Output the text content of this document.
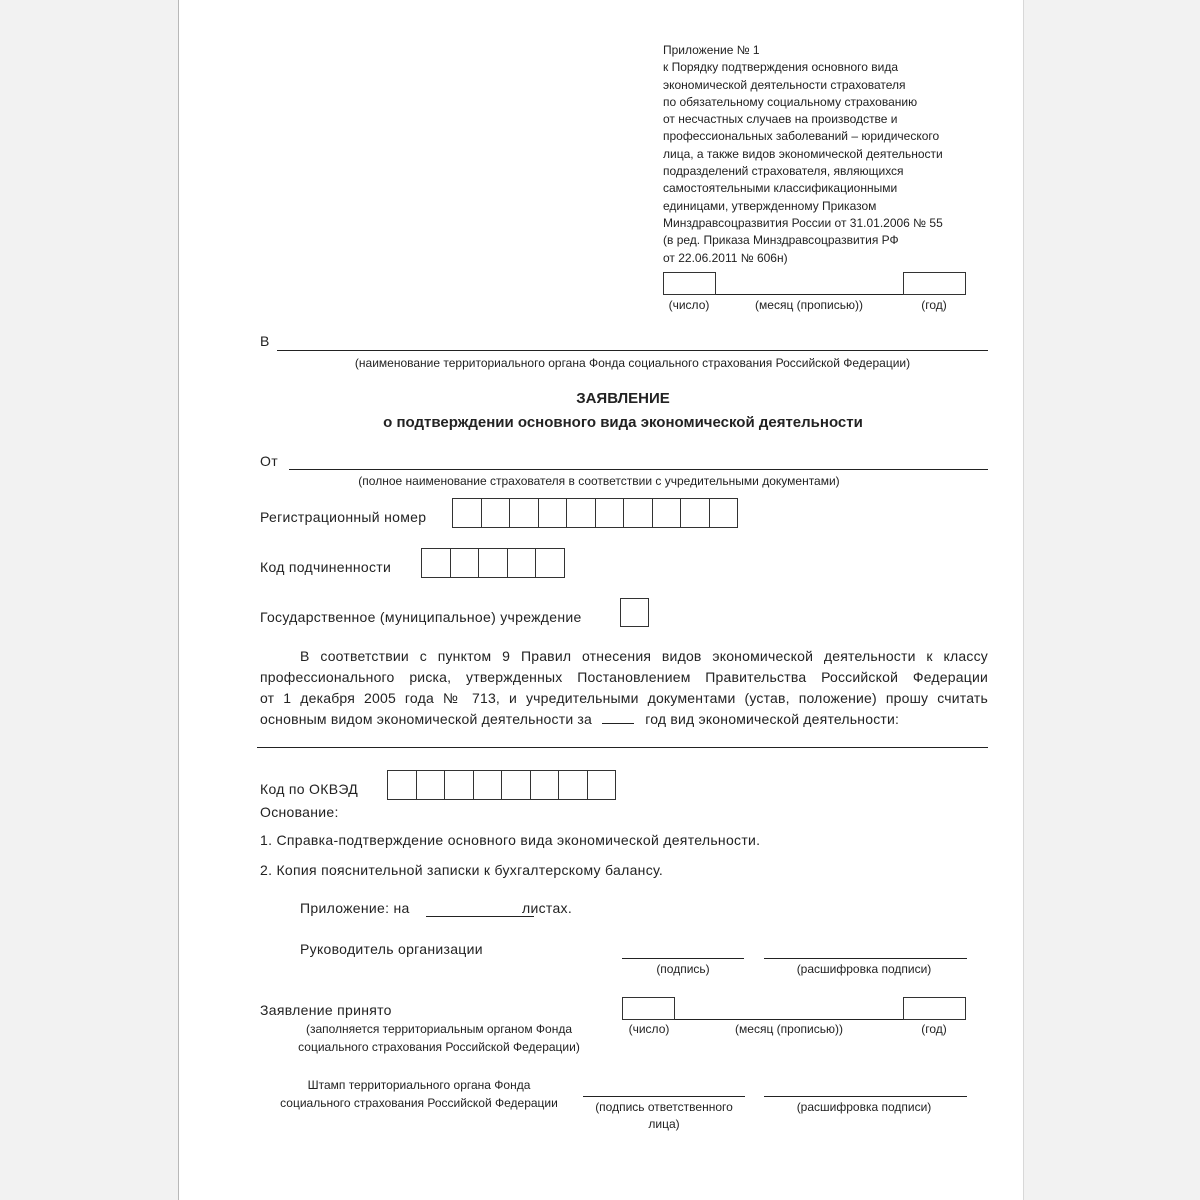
Приложение № 1
к Порядку подтверждения основного вида
экономической деятельности страхователя
по обязательному социальному страхованию
от несчастных случаев на производстве и
профессиональных заболеваний – юридического
лица, а также видов экономической деятельности
подразделений страхователя, являющихся
самостоятельными классификационными
единицами, утвержденному Приказом
Минздравсоцразвития России от 31.01.2006 № 55
(в ред. Приказа Минздравсоцразвития РФ
от 22.06.2011 № 606н)
(число)	(месяц (прописью))	(год)
В
(наименование территориального органа Фонда социального страхования Российской Федерации)
ЗАЯВЛЕНИЕ
о подтверждении основного вида экономической деятельности
От
(полное наименование страхователя в соответствии с учредительными документами)
Регистрационный номер
Код подчиненности
Государственное (муниципальное) учреждение
В соответствии с пунктом 9 Правил отнесения видов экономической деятельности к классу
профессионального риска, утвержденных Постановлением Правительства Российской Федерации
от 1 декабря 2005 года № 713, и учредительными документами (устав, положение) прошу считать
основным видом экономической деятельности за	год вид экономической деятельности:
Код по ОКВЭД
Основание:
1. Справка-подтверждение основного вида экономической деятельности.
2. Копия пояснительной записки к бухгалтерскому балансу.
Приложение: на	листах.
Руководитель организации
(подпись)	(расшифровка подписи)
Заявление принято
(заполняется территориальным органом Фонда
социального страхования Российской Федерации)
(число)	(месяц (прописью))	(год)
Штамп территориального органа Фонда
социального страхования Российской Федерации	(подпись ответственного
лица)
(расшифровка подписи)
